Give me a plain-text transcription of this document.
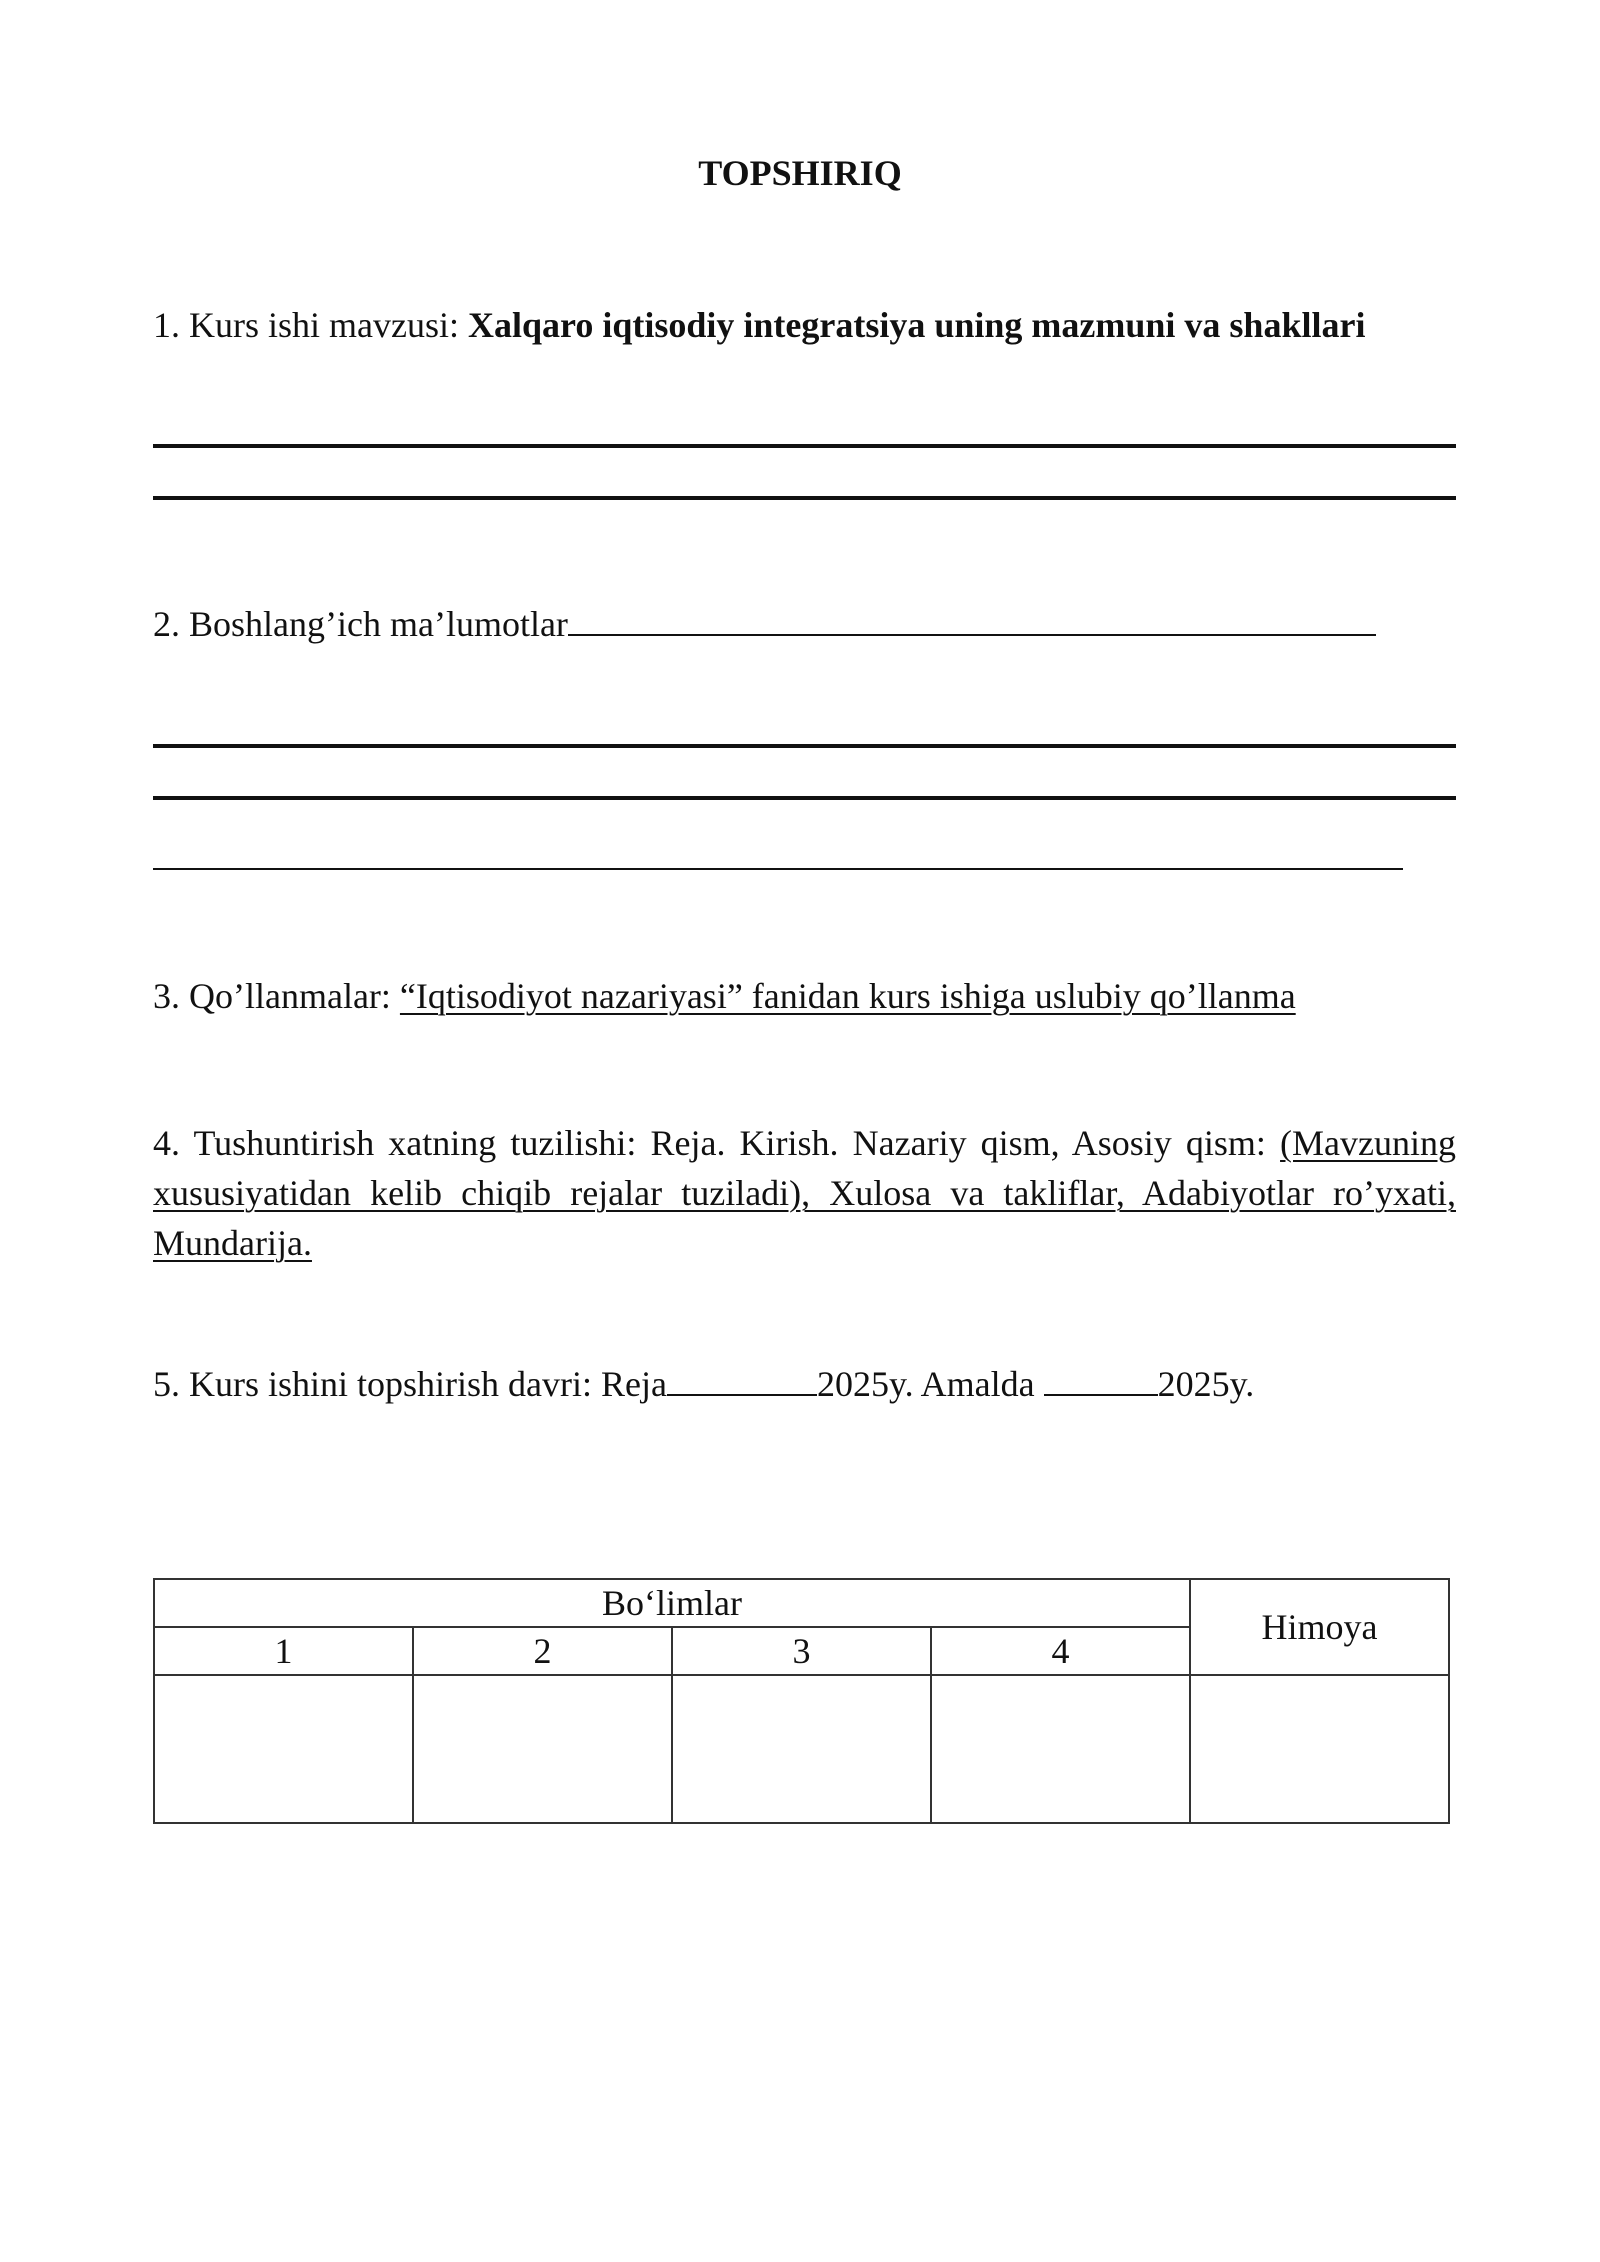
TOPSHIRIQ
1. Kurs ishi mavzusi: Xalqaro iqtisodiy integratsiya uning mazmuni va shakllari
2. Boshlang’ich ma’lumotlar
3. Qo’llanmalar: “Iqtisodiyot nazariyasi” fanidan kurs ishiga uslubiy qo’llanma
4. Tushuntirish xatning tuzilishi: Reja. Kirish. Nazariy qism, Asosiy qism: (Mavzuning xususiyatidan kelib chiqib rejalar tuziladi), Xulosa va takliflar, Adabiyotlar ro’yxati, Mundarija.
5. Kurs ishini topshirish davri: Reja	2025y. Amalda	2025y.
Bo‘limlar				Himoya
1	2	3	4	
